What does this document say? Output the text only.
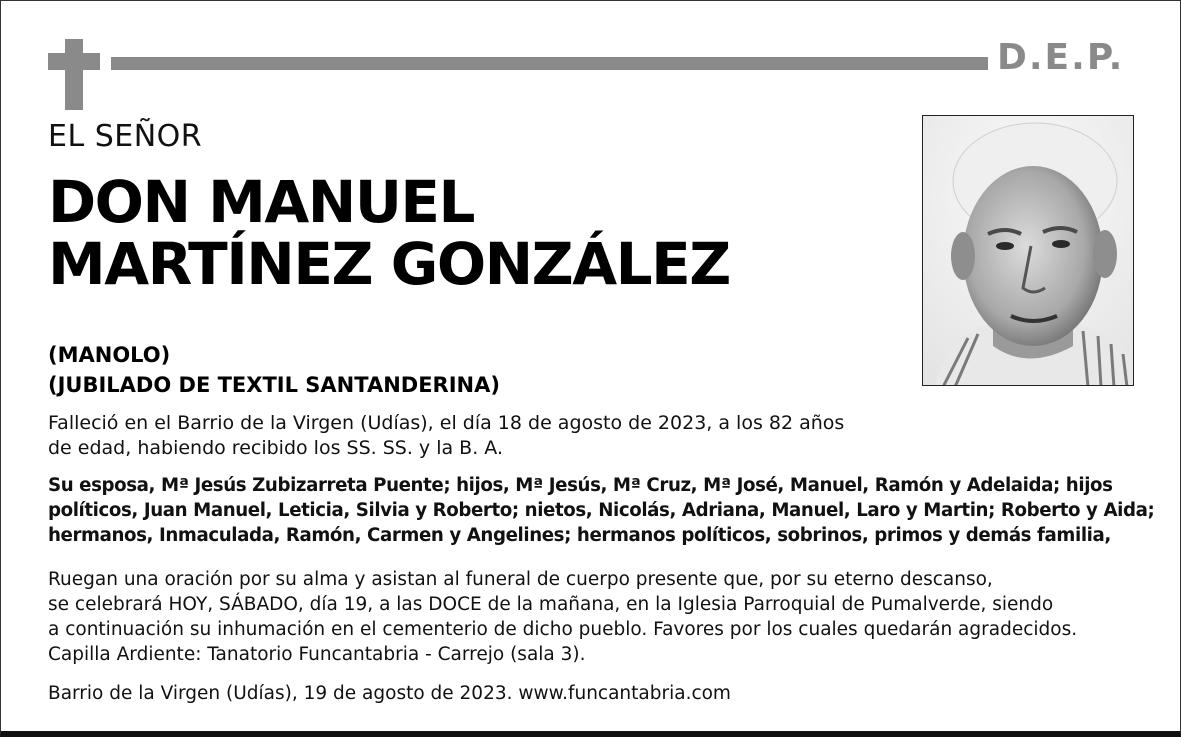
D.E.P.
EL SEÑOR
DON MANUEL
MARTÍNEZ GONZÁLEZ
(MANOLO)
(JUBILADO DE TEXTIL SANTANDERINA)
Falleció en el Barrio de la Virgen (Udías), el día 18 de agosto de 2023, a los 82 años
de edad, habiendo recibido los SS. SS. y la B. A.
Su esposa, Mª Jesús Zubizarreta Puente; hijos, Mª Jesús, Mª Cruz, Mª José, Manuel, Ramón y Adelaida; hijos
políticos, Juan Manuel, Leticia, Silvia y Roberto; nietos, Nicolás, Adriana, Manuel, Laro y Martin; Roberto y Aida;
hermanos, Inmaculada, Ramón, Carmen y Angelines; hermanos políticos, sobrinos, primos y demás familia,
Ruegan una oración por su alma y asistan al funeral de cuerpo presente que, por su eterno descanso,
se celebrará HOY, SÁBADO, día 19, a las DOCE de la mañana, en la Iglesia Parroquial de Pumalverde, siendo
a continuación su inhumación en el cementerio de dicho pueblo. Favores por los cuales quedarán agradecidos.
Capilla Ardiente: Tanatorio Funcantabria - Carrejo (sala 3).
Barrio de la Virgen (Udías), 19 de agosto de 2023. www.funcantabria.com
